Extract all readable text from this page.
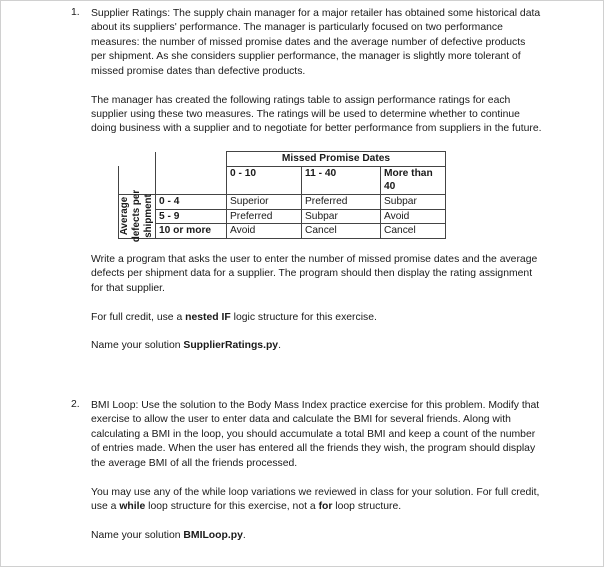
1. Supplier Ratings: The supply chain manager for a major retailer has obtained some historical data about its suppliers' performance. The manager is particularly focused on two performance measures: the number of missed promise dates and the average number of defective products per shipment. As she considers supplier performance, the manager is slightly more tolerant of missed promise dates than defective products.

The manager has created the following ratings table to assign performance ratings for each supplier using these two measures. The ratings will be used to determine whether to continue doing business with a supplier and to negotiate for better performance from suppliers in the future.

		Missed Promise Dates		
		0 - 10	11 - 40	More than 40

Average defects per shipment	0 - 4	Superior	Preferred	Subpar
	5 - 9	Preferred	Subpar	Avoid
	10 or more	Avoid	Cancel	Cancel

Write a program that asks the user to enter the number of missed promise dates and the average defects per shipment data for a supplier. The program should then display the rating assignment for that supplier.

For full credit, use a nested IF logic structure for this exercise.

Name your solution SupplierRatings.py.

2. BMI Loop: Use the solution to the Body Mass Index practice exercise for this problem. Modify that exercise to allow the user to enter data and calculate the BMI for several friends. Along with calculating a BMI in the loop, you should accumulate a total BMI and keep a count of the number of entries made. When the user has entered all the friends they wish, the program should display the average BMI of all the friends processed.

You may use any of the while loop variations we reviewed in class for your solution. For full credit, use a while loop structure for this exercise, not a for loop structure.

Name your solution BMILoop.py.
